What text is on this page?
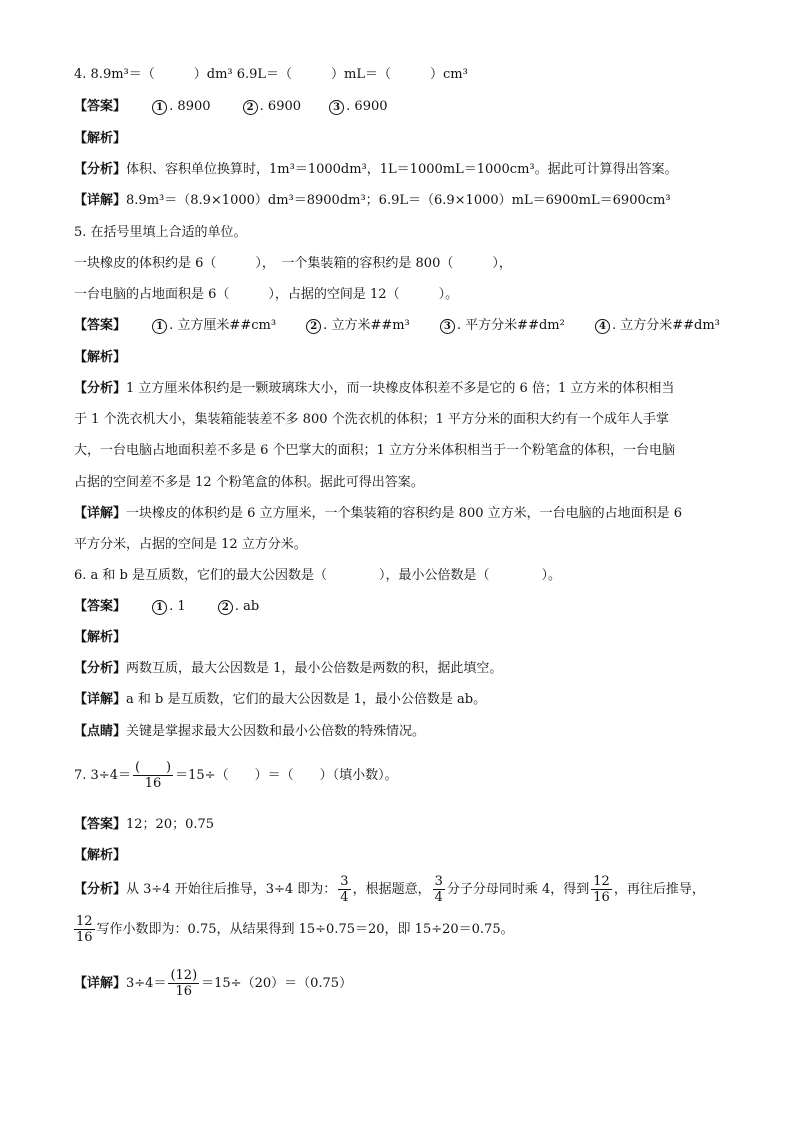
4. 8.9m³＝（　　　）dm³ 6.9L＝（　　　）mL＝（　　　）cm³
【答案】	1 . 8900	2 . 6900	3 . 6900
【解析】
【分析】体积、容积单位换算时，1m³＝1000dm³，1L＝1000mL＝1000cm³。据此可计算得出答案。
【详解】8.9m³＝（8.9×1000）dm³＝8900dm³；6.9L＝（6.9×1000）mL＝6900mL＝6900cm³
5. 在括号里填上合适的单位。
一块橡皮的体积约是 6（　　　），　一个集装箱的容积约是 800（　　　），
一台电脑的占地面积是 6（　　　），占据的空间是 12（　　　）。
【答案】	1 . 立方厘米##cm³	2 . 立方米##m³	3 . 平方分米##dm²	4 . 立方分米##dm³
【解析】
【分析】1 立方厘米体积约是一颗玻璃珠大小，而一块橡皮体积差不多是它的 6 倍；1 立方米的体积相当
于 1 个洗衣机大小，集装箱能装差不多 800 个洗衣机的体积；1 平方分米的面积大约有一个成年人手掌
大，一台电脑占地面积差不多是 6 个巴掌大的面积；1 立方分米体积相当于一个粉笔盒的体积，一台电脑
占据的空间差不多是 12 个粉笔盒的体积。据此可得出答案。
【详解】一块橡皮的体积约是 6 立方厘米，一个集装箱的容积约是 800 立方米，一台电脑的占地面积是 6
平方分米，占据的空间是 12 立方分米。
6. a 和 b 是互质数，它们的最大公因数是（　　　　），最小公倍数是（　　　　）。
【答案】	1 . 1	2 . ab
【解析】
【分析】两数互质，最大公因数是 1，最小公倍数是两数的积，据此填空。
【详解】a 和 b 是互质数，它们的最大公因数是 1，最小公倍数是 ab。
【点睛】关键是掌握求最大公因数和最小公倍数的特殊情况。
7. $3\div 4= \frac{( )}{16} =15\div$（　　）＝（　　）（填小数）。
【答案】12；20；0.75
【解析】
【分析】从 3÷4 开始往后推导，3÷4 即为： $\frac{3}{4}$ ，根据题意， $\frac{3}{4}$ 分子分母同时乘 4，得到 $\frac{12}{16}$ ，再往后推导，
$\frac{12}{16}$ 写作小数即为：0.75，从结果得到 15÷0.75＝20，即 15÷20＝0.75。
【详解】$3\div 4= \frac{(12)}{16} =15\div(20)=(0.75)$
